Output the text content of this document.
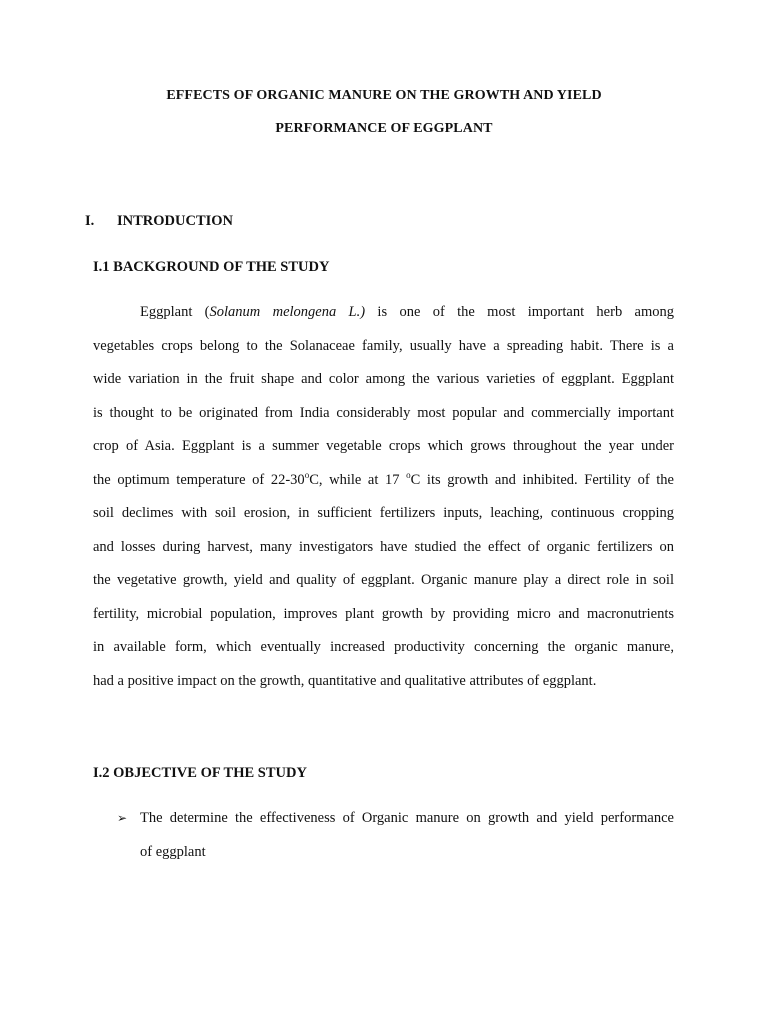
EFFECTS OF ORGANIC MANURE ON THE GROWTH AND YIELD
PERFORMANCE OF EGGPLANT
I. INTRODUCTION
I.1 BACKGROUND OF THE STUDY
Eggplant (Solanum melongena L.) is one of the most important herb among
vegetables crops belong to the Solanaceae family, usually have a spreading habit. There is a
wide variation in the fruit shape and color among the various varieties of eggplant. Eggplant
is thought to be originated from India considerably most popular and commercially important
crop of Asia. Eggplant is a summer vegetable crops which grows throughout the year under
the optimum temperature of 22-30$^o$C, while at 17 $^o$C its growth and inhibited. Fertility of the
soil declimes with soil erosion, in sufficient fertilizers inputs, leaching, continuous cropping
and losses during harvest, many investigators have studied the effect of organic fertilizers on
the vegetative growth, yield and quality of eggplant. Organic manure play a direct role in soil
fertility, microbial population, improves plant growth by providing micro and macronutrients
in available form, which eventually increased productivity concerning the organic manure,
had a positive impact on the growth, quantitative and qualitative attributes of eggplant.
I.2 OBJECTIVE OF THE STUDY
➢ The determine the effectiveness of Organic manure on growth and yield performance
of eggplant
